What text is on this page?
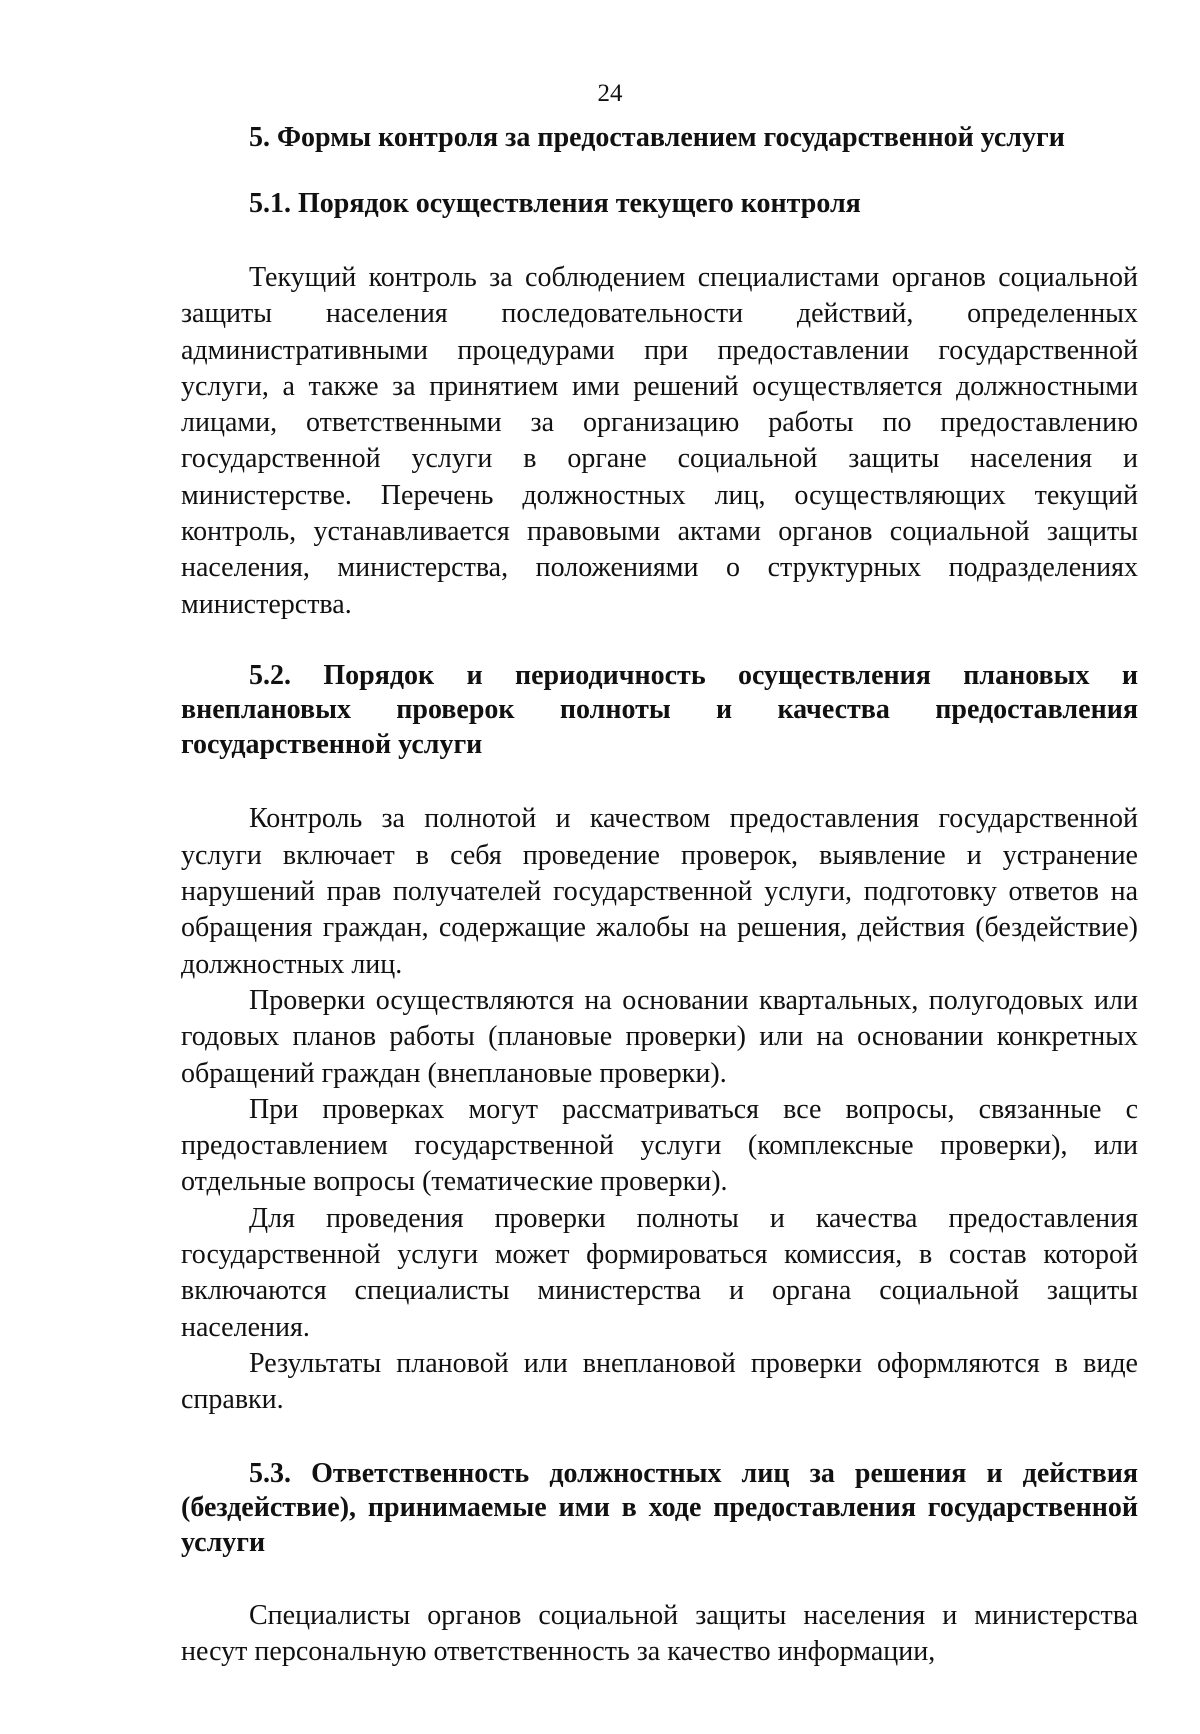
24
5. Формы контроля за предоставлением государственной услуги
5.1. Порядок осуществления текущего контроля

Текущий контроль за соблюдением специалистами органов социальной защиты населения последовательности действий, определенных административными процедурами при предоставлении государственной услуги, а также за принятием ими решений осуществляется должностными лицами, ответственными за организацию работы по предоставлению государственной услуги в органе социальной защиты населения и министерстве. Перечень должностных лиц, осуществляющих текущий контроль, устанавливается правовыми актами органов социальной защиты населения, министерства, положениями о структурных подразделениях министерства.

5.2. Порядок и периодичность осуществления плановых и внеплановых проверок полноты и качества предоставления государственной услуги

Контроль за полнотой и качеством предоставления государственной услуги включает в себя проведение проверок, выявление и устранение нарушений прав получателей государственной услуги, подготовку ответов на обращения граждан, содержащие жалобы на решения, действия (бездействие) должностных лиц.

Проверки осуществляются на основании квартальных, полугодовых или годовых планов работы (плановые проверки) или на основании конкретных обращений граждан (внеплановые проверки).

При проверках могут рассматриваться все вопросы, связанные с предоставлением государственной услуги (комплексные проверки), или отдельные вопросы (тематические проверки).

Для проведения проверки полноты и качества предоставления государственной услуги может формироваться комиссия, в состав которой включаются специалисты министерства и органа социальной защиты населения.

Результаты плановой или внеплановой проверки оформляются в виде справки.

5.3. Ответственность должностных лиц за решения и действия (бездействие), принимаемые ими в ходе предоставления государственной услуги

Специалисты органов социальной защиты населения и министерства несут персональную ответственность за качество информации,
